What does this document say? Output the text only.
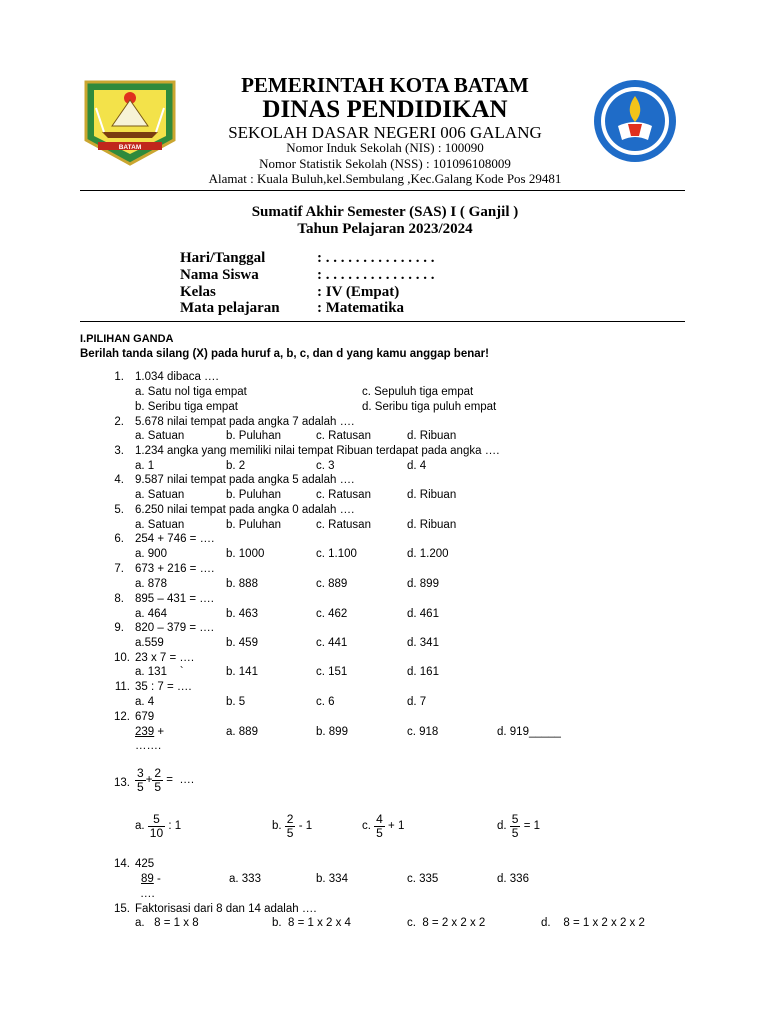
BATAM
PEMERINTAH KOTA BATAM
DINAS PENDIDIKAN
SEKOLAH DASAR NEGERI 006 GALANG
Nomor Induk Sekolah (NIS) : 100090
Nomor Statistik Sekolah (NSS) : 101096108009
Alamat : Kuala Buluh,kel.Sembulang ,Kec.Galang Kode Pos 29481
Sumatif Akhir Semester (SAS) I ( Ganjil )
Tahun Pelajaran 2023/2024
Hari/Tanggal	: . . . . . . . . . . . . . . .
Nama Siswa	: . . . . . . . . . . . . . . .
Kelas	: IV (Empat)
Mata pelajaran : Matematika
I.PILIHAN GANDA
Berilah tanda silang (X) pada huruf a, b, c, dan d yang kamu anggap benar!
1. 1.034 dibaca ….
a. Satu nol tiga empat	c. Sepuluh tiga empat
b. Seribu tiga empat	d. Seribu tiga puluh empat
2. 5.678 nilai tempat pada angka 7 adalah ….
a. Satuan	b. Puluhan	c. Ratusan	d. Ribuan
3. 1.234 angka yang memiliki nilai tempat Ribuan terdapat pada angka ….
a. 1	b. 2	c. 3	d. 4
4. 9.587 nilai tempat pada angka 5 adalah ….
a. Satuan	b. Puluhan	c. Ratusan	d. Ribuan
5. 6.250 nilai tempat pada angka 0 adalah ….
a. Satuan	b. Puluhan	c. Ratusan	d. Ribuan
6. 254 + 746 = ….
a. 900	b. 1000	c. 1.100	d. 1.200
7. 673 + 216 = ….
a. 878	b. 888	c. 889	d. 899
8. 895 – 431 = ….
a. 464	b. 463	c. 462	d. 461
9. 820 – 379 = ….
a.559	b. 459	c. 441	d. 341
10. 23 x 7 = ….
a. 131    `	b. 141	c. 151	d. 161
11. 35 : 7 = ….
a. 4	b. 5	c. 6	d. 7
12. 679
239 +
…….
a. 889	b. 899	c. 918	d. 919_____
13. $\frac{3}{5} + \frac{2}{5}$ =  ….
a. $\frac{5}{10}$ : 1	b. $\frac{2}{5} - 1$	c. $\frac{4}{5} + 1$	d. $\frac{5}{5} = 1$
14. 425
89 -
….
a. 333	b. 334	c. 335	d. 336
15. Faktorisasi dari 8 dan 14 adalah ….
a.   8 = 1 x 8	b.  8 = 1 x 2 x 4	c.  8 = 2 x 2 x 2	d.    8 = 1 x 2 x 2 x 2
